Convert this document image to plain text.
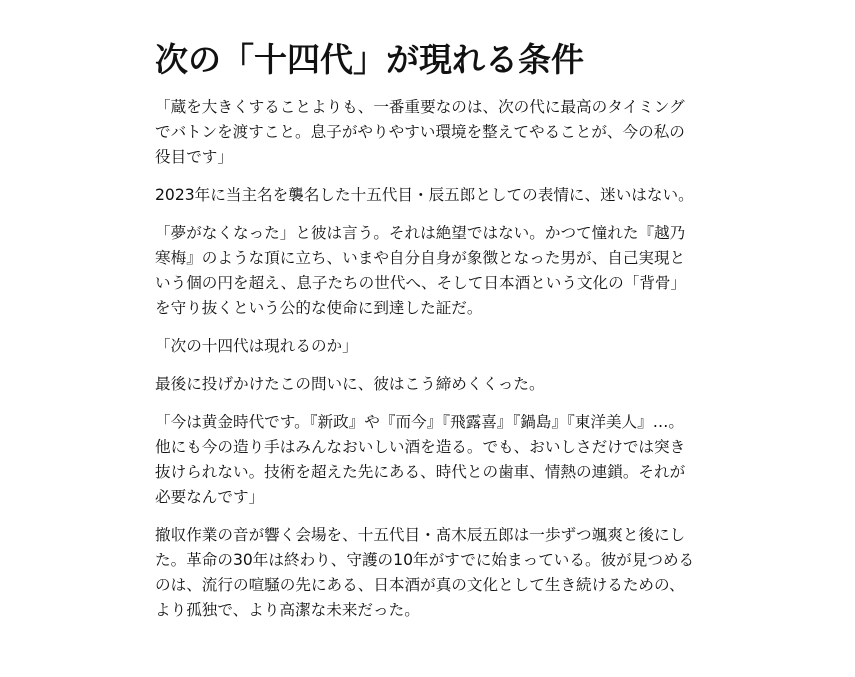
次の「十四代」が現れる条件

「蔵を大きくすることよりも、一番重要なのは、次の代に最高のタイミングでバトンを渡すこと。息子がやりやすい環境を整えてやることが、今の私の役目です」

2023年に当主名を襲名した十五代目・辰五郎としての表情に、迷いはない。

「夢がなくなった」と彼は言う。それは絶望ではない。かつて憧れた『越乃寒梅』のような頂に立ち、いまや自分自身が象徴となった男が、自己実現という個の円を超え、息子たちの世代へ、そして日本酒という文化の「背骨」を守り抜くという公的な使命に到達した証だ。

「次の十四代は現れるのか」

最後に投げかけたこの問いに、彼はこう締めくくった。

「今は黄金時代です。『新政』や『而今』『飛露喜』『鍋島』『東洋美人』…。他にも今の造り手はみんなおいしい酒を造る。でも、おいしさだけでは突き抜けられない。技術を超えた先にある、時代との歯車、情熱の連鎖。それが必要なんです」

撤収作業の音が響く会場を、十五代目・髙木辰五郎は一歩ずつ颯爽と後にした。革命の30年は終わり、守護の10年がすでに始まっている。彼が見つめるのは、流行の喧騒の先にある、日本酒が真の文化として生き続けるための、より孤独で、より高潔な未来だった。
